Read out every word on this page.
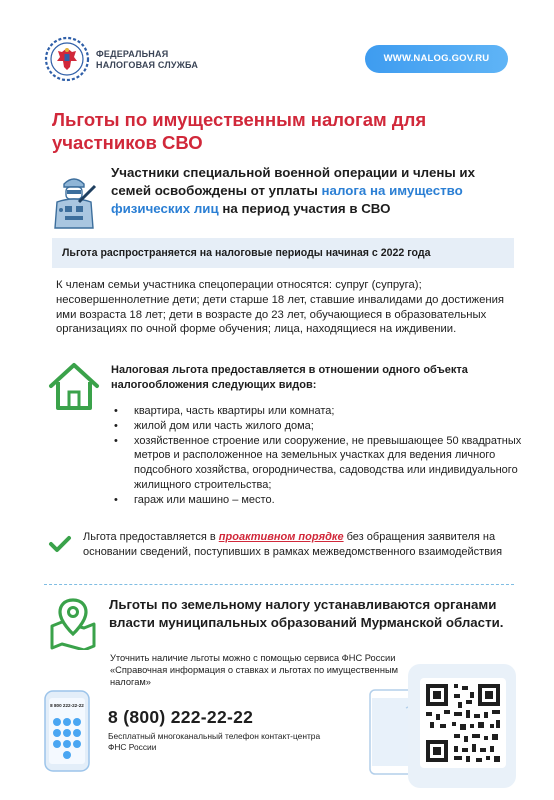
ФЕДЕРАЛЬНАЯ
НАЛОГОВАЯ СЛУЖБА
WWW.NALOG.GOV.RU
Льготы по имущественным налогам для участников СВО
Участники специальной военной операции и члены их семей освобождены от уплаты налога на имущество физических лиц на период участия в СВО
Льгота распространяется на налоговые периоды начиная с 2022 года
К членам семьи участника спецоперации относятся: супруг (супруга); несовершеннолетние дети; дети старше 18 лет, ставшие инвалидами до достижения ими возраста 18 лет; дети в возрасте до 23 лет, обучающиеся в образовательных организациях по очной форме обучения; лица, находящиеся на иждивении.
Налоговая льгота предоставляется в отношении одного объекта налогообложения следующих видов:
• квартира, часть квартиры или комната;
• жилой дом или часть жилого дома;
• хозяйственное строение или сооружение, не превышающее 50 квадратных метров и расположенное на земельных участках для ведения личного подсобного хозяйства, огородничества, садоводства или индивидуального жилищного строительства;
• гараж или машино – место.
Льгота предоставляется в проактивном порядке без обращения заявителя на основании сведений, поступивших в рамках межведомственного взаимодействия
Льготы по земельному налогу устанавливаются органами власти муниципальных образований Мурманской области.
Уточнить наличие льготы можно с помощью сервиса ФНС России «Справочная информация о ставках и льготах по имущественным налогам»
8 800 222-22-22
8 (800) 222-22-22
Бесплатный многоканальный телефон контакт-центра ФНС России
